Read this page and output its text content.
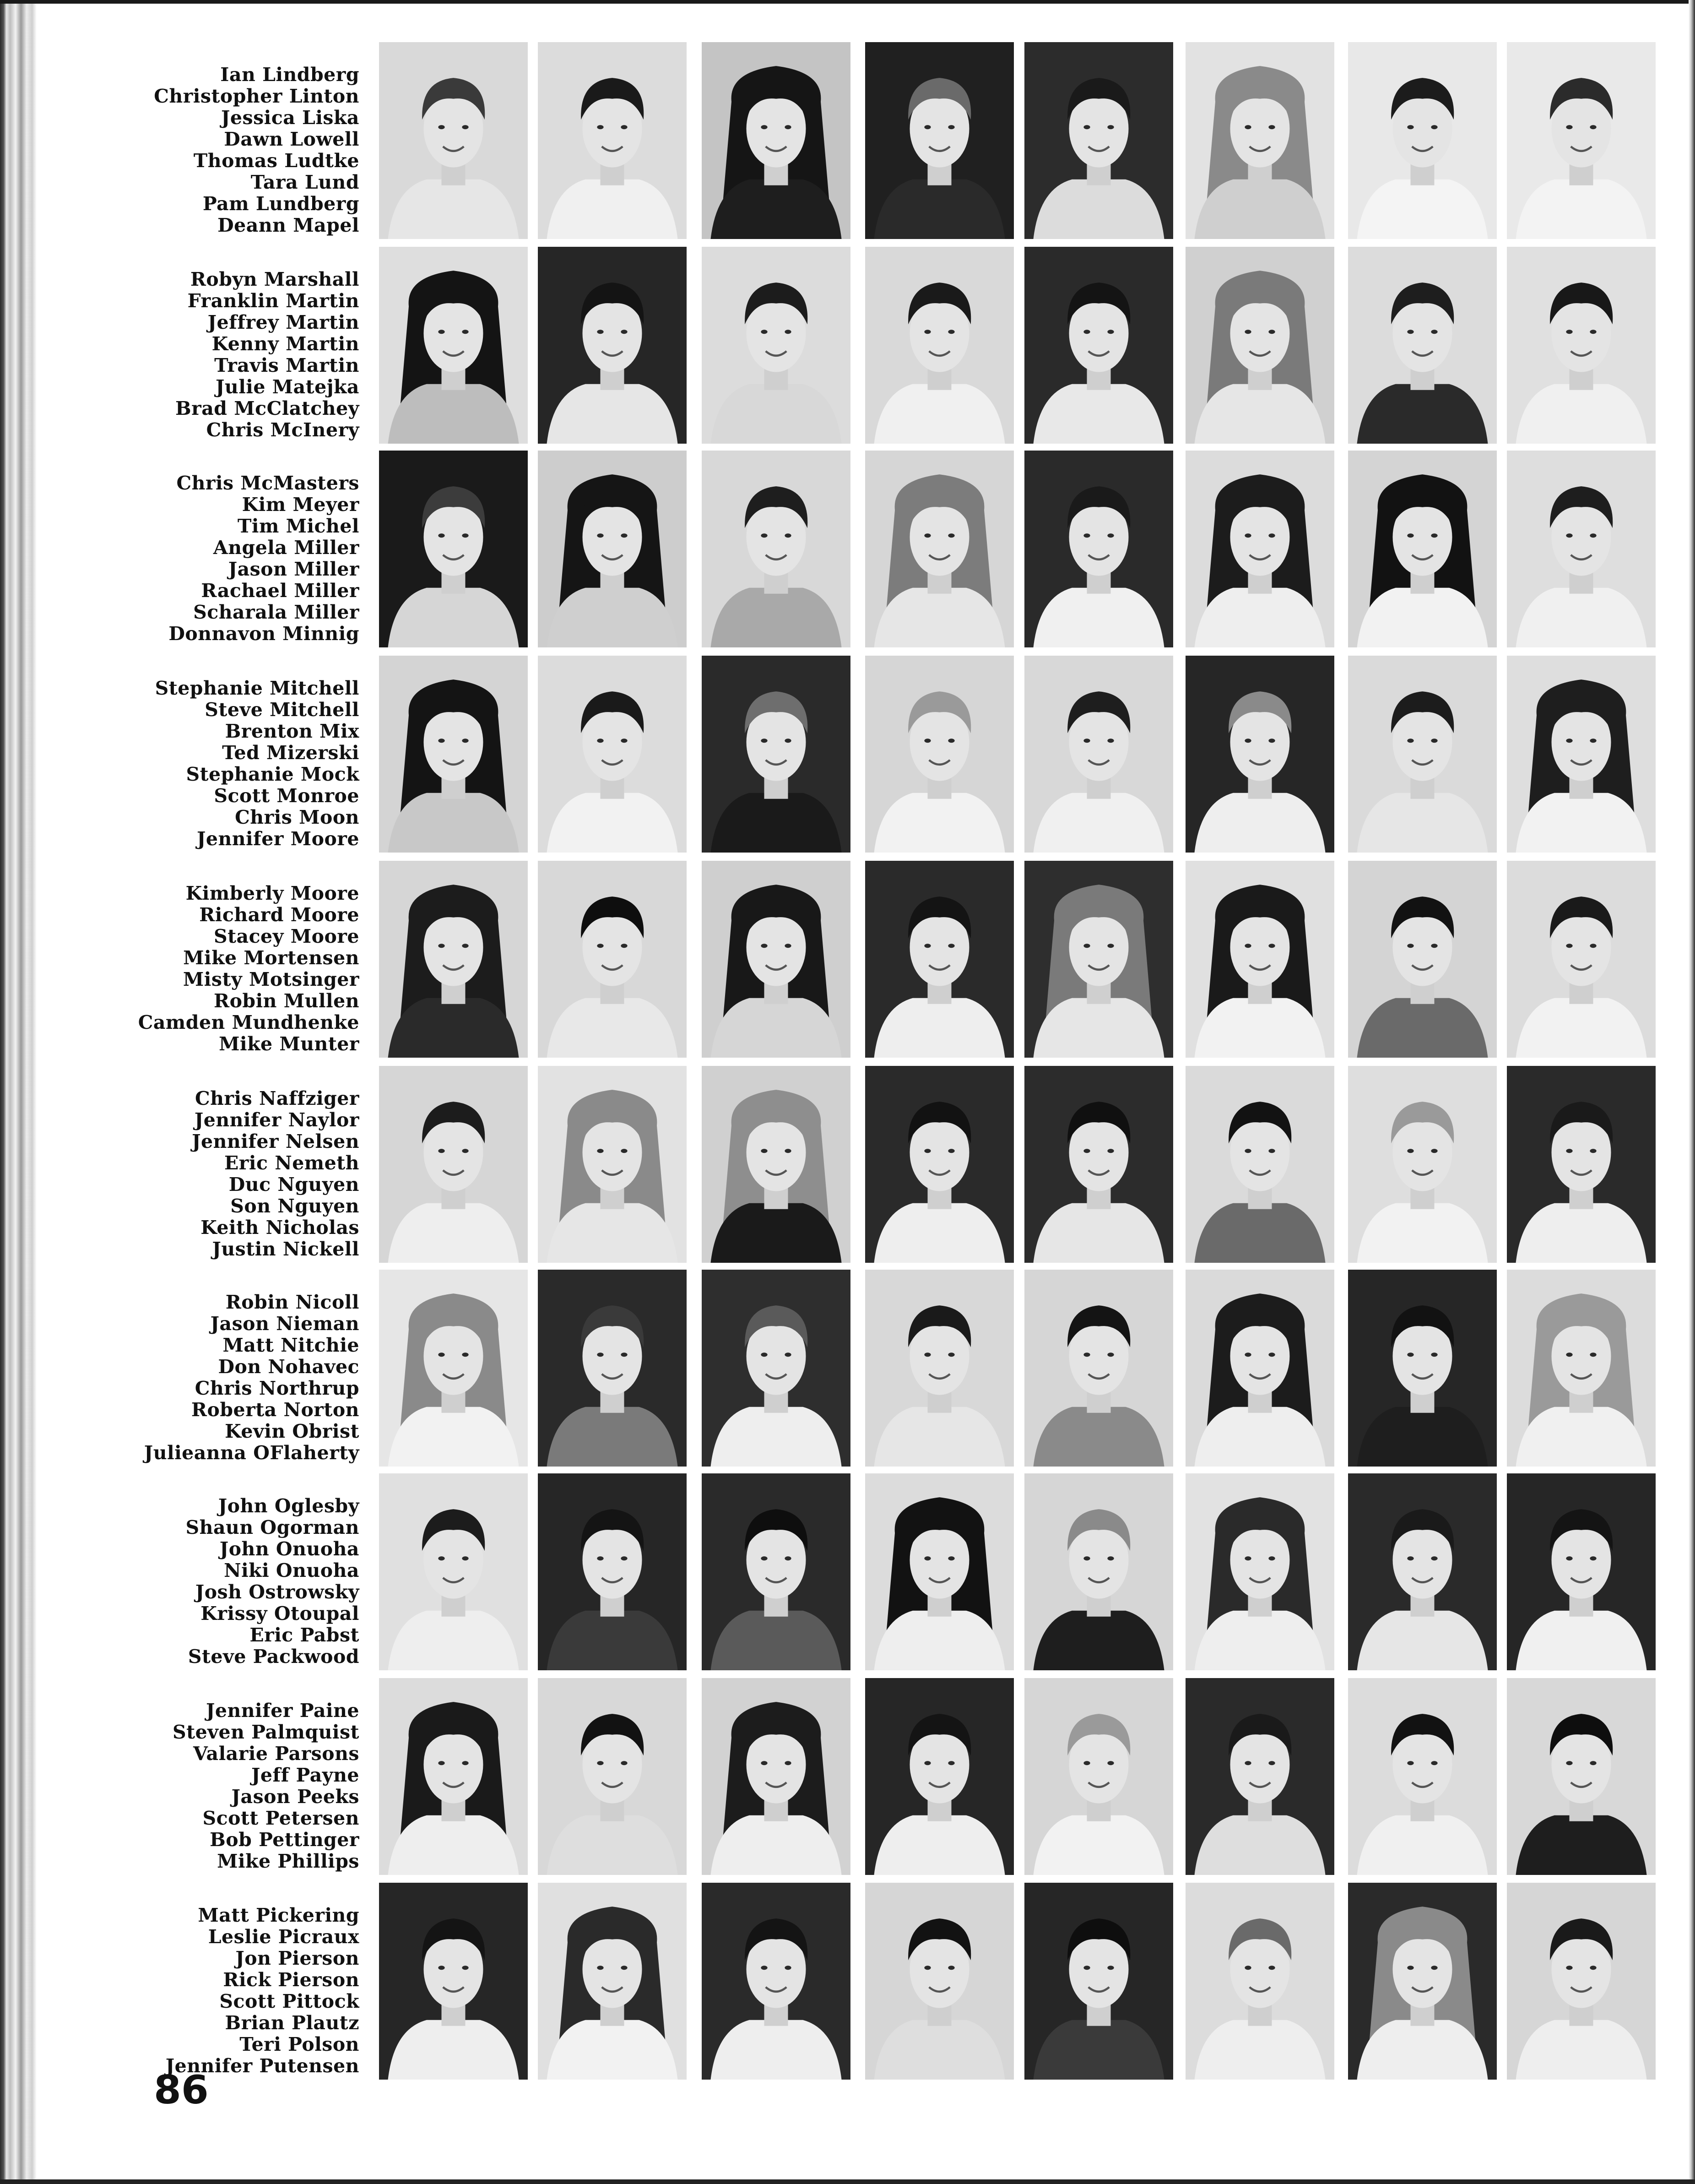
Ian Lindberg
Christopher Linton
Jessica Liska
Dawn Lowell
Thomas Ludtke
Tara Lund
Pam Lundberg
Deann Mapel
Robyn Marshall
Franklin Martin
Jeffrey Martin
Kenny Martin
Travis Martin
Julie Matejka
Brad McClatchey
Chris McInery
Chris McMasters
Kim Meyer
Tim Michel
Angela Miller
Jason Miller
Rachael Miller
Scharala Miller
Donnavon Minnig
Stephanie Mitchell
Steve Mitchell
Brenton Mix
Ted Mizerski
Stephanie Mock
Scott Monroe
Chris Moon
Jennifer Moore
Kimberly Moore
Richard Moore
Stacey Moore
Mike Mortensen
Misty Motsinger
Robin Mullen
Camden Mundhenke
Mike Munter
Chris Naffziger
Jennifer Naylor
Jennifer Nelsen
Eric Nemeth
Duc Nguyen
Son Nguyen
Keith Nicholas
Justin Nickell
Robin Nicoll
Jason Nieman
Matt Nitchie
Don Nohavec
Chris Northrup
Roberta Norton
Kevin Obrist
Julieanna OFlaherty
John Oglesby
Shaun Ogorman
John Onuoha
Niki Onuoha
Josh Ostrowsky
Krissy Otoupal
Eric Pabst
Steve Packwood
Jennifer Paine
Steven Palmquist
Valarie Parsons
Jeff Payne
Jason Peeks
Scott Petersen
Bob Pettinger
Mike Phillips
Matt Pickering
Leslie Picraux
Jon Pierson
Rick Pierson
Scott Pittock
Brian Plautz
Teri Polson
Jennifer Putensen
86
